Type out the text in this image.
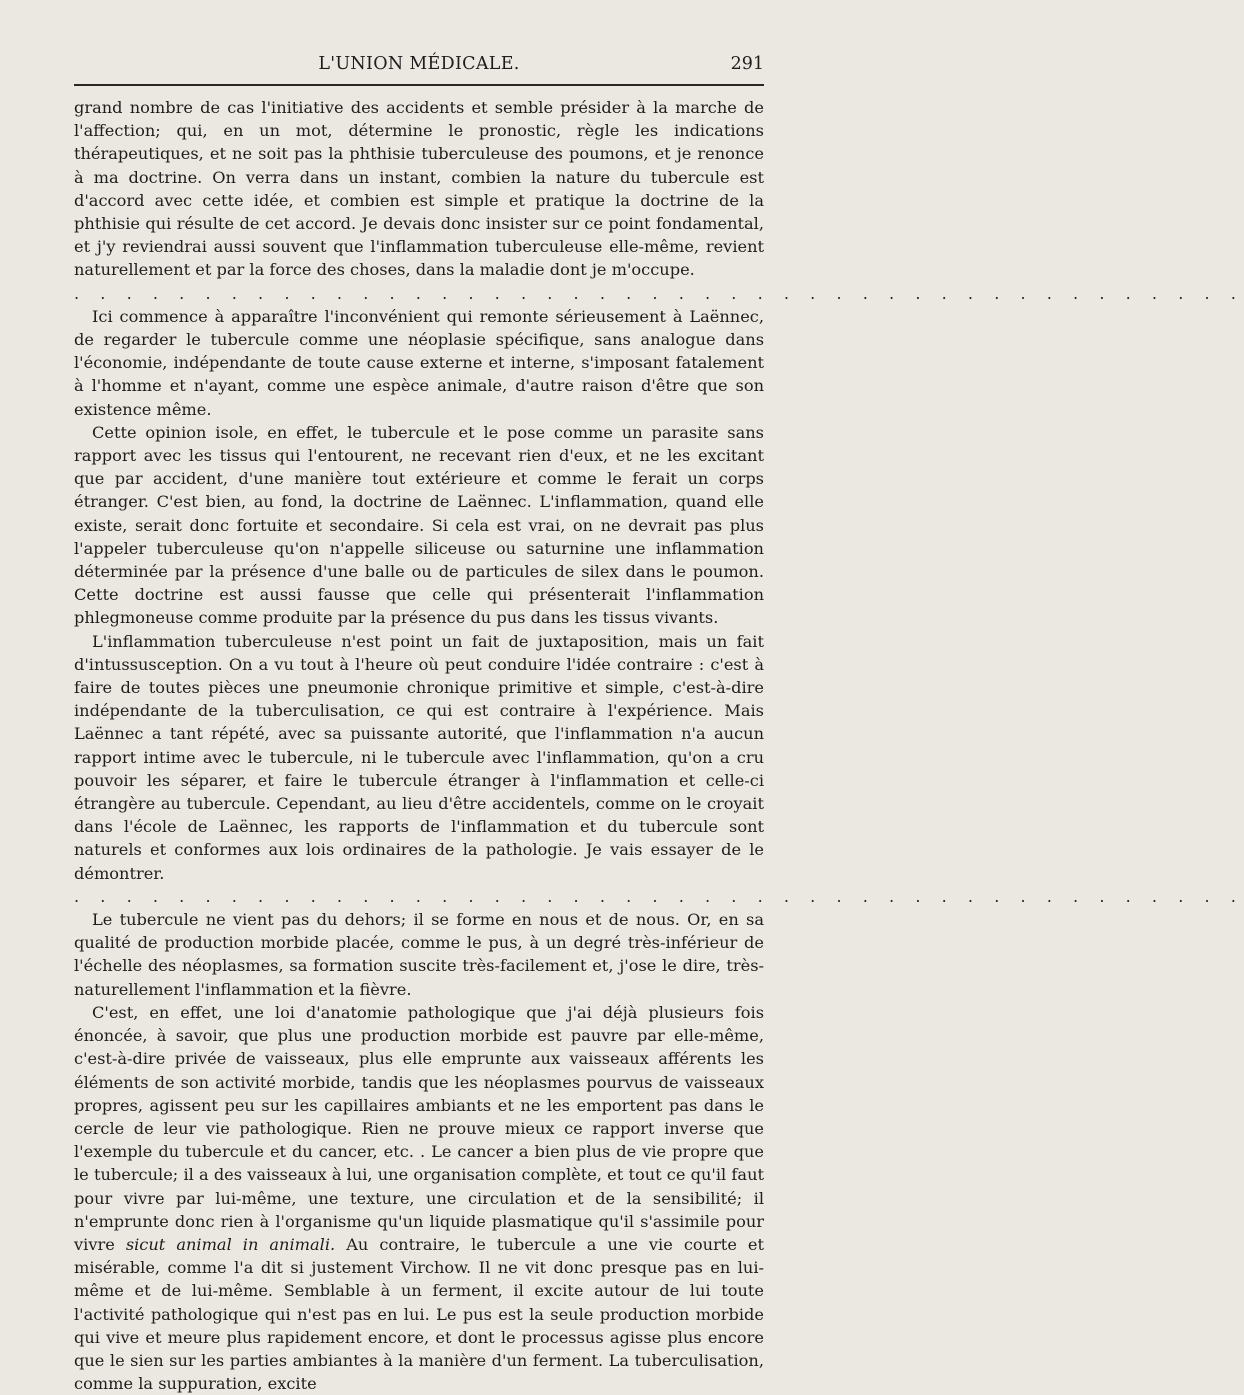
L'UNION MÉDICALE.	291

grand nombre de cas l'initiative des accidents et semble présider à la marche de l'affection; qui, en un mot, détermine le pronostic, règle les indications thérapeutiques, et ne soit pas la phthisie tuberculeuse des poumons, et je renonce à ma doctrine. On verra dans un instant, combien la nature du tubercule est d'accord avec cette idée, et combien est simple et pratique la doctrine de la phthisie qui résulte de cet accord. Je devais donc insister sur ce point fondamental, et j'y reviendrai aussi souvent que l'inflammation tuberculeuse elle-même, revient naturellement et par la force des choses, dans la maladie dont je m'occupe.

. . . . . . . . . . . . . . . . . . . . . . . . . . . . . . . . . . . . . . . . . . . . .

Ici commence à apparaître l'inconvénient qui remonte sérieusement à Laënnec, de regarder le tubercule comme une néoplasie spécifique, sans analogue dans l'économie, indépendante de toute cause externe et interne, s'imposant fatalement à l'homme et n'ayant, comme une espèce animale, d'autre raison d'être que son existence même.

Cette opinion isole, en effet, le tubercule et le pose comme un parasite sans rapport avec les tissus qui l'entourent, ne recevant rien d'eux, et ne les excitant que par accident, d'une manière tout extérieure et comme le ferait un corps étranger. C'est bien, au fond, la doctrine de Laënnec. L'inflammation, quand elle existe, serait donc fortuite et secondaire. Si cela est vrai, on ne devrait pas plus l'appeler tuberculeuse qu'on n'appelle siliceuse ou saturnine une inflammation déterminée par la présence d'une balle ou de particules de silex dans le poumon. Cette doctrine est aussi fausse que celle qui présenterait l'inflammation phlegmoneuse comme produite par la présence du pus dans les tissus vivants.

L'inflammation tuberculeuse n'est point un fait de juxtaposition, mais un fait d'intussusception. On a vu tout à l'heure où peut conduire l'idée contraire : c'est à faire de toutes pièces une pneumonie chronique primitive et simple, c'est-à-dire indépendante de la tuberculisation, ce qui est contraire à l'expérience. Mais Laënnec a tant répété, avec sa puissante autorité, que l'inflammation n'a aucun rapport intime avec le tubercule, ni le tubercule avec l'inflammation, qu'on a cru pouvoir les séparer, et faire le tubercule étranger à l'inflammation et celle-ci étrangère au tubercule. Cependant, au lieu d'être accidentels, comme on le croyait dans l'école de Laënnec, les rapports de l'inflammation et du tubercule sont naturels et conformes aux lois ordinaires de la pathologie. Je vais essayer de le démontrer.

. . . . . . . . . . . . . . . . . . . . . . . . . . . . . . . . . . . . . . . . . . . . .

Le tubercule ne vient pas du dehors; il se forme en nous et de nous. Or, en sa qualité de production morbide placée, comme le pus, à un degré très-inférieur de l'échelle des néoplasmes, sa formation suscite très-facilement et, j'ose le dire, très-naturellement l'inflammation et la fièvre.

C'est, en effet, une loi d'anatomie pathologique que j'ai déjà plusieurs fois énoncée, à savoir, que plus une production morbide est pauvre par elle-même, c'est-à-dire privée de vaisseaux, plus elle emprunte aux vaisseaux afférents les éléments de son activité morbide, tandis que les néoplasmes pourvus de vaisseaux propres, agissent peu sur les capillaires ambiants et ne les emportent pas dans le cercle de leur vie pathologique. Rien ne prouve mieux ce rapport inverse que l'exemple du tubercule et du cancer, etc. . Le cancer a bien plus de vie propre que le tubercule; il a des vaisseaux à lui, une organisation complète, et tout ce qu'il faut pour vivre par lui-même, une texture, une circulation et de la sensibilité; il n'emprunte donc rien à l'organisme qu'un liquide plasmatique qu'il s'assimile pour vivre sicut animal in animali. Au contraire, le tubercule a une vie courte et misérable, comme l'a dit si justement Virchow. Il ne vit donc presque pas en lui-même et de lui-même. Semblable à un ferment, il excite autour de lui toute l'activité pathologique qui n'est pas en lui. Le pus est la seule production morbide qui vive et meure plus rapidement encore, et dont le processus agisse plus encore que le sien sur les parties ambiantes à la manière d'un ferment. La tuberculisation, comme la suppuration, excite
